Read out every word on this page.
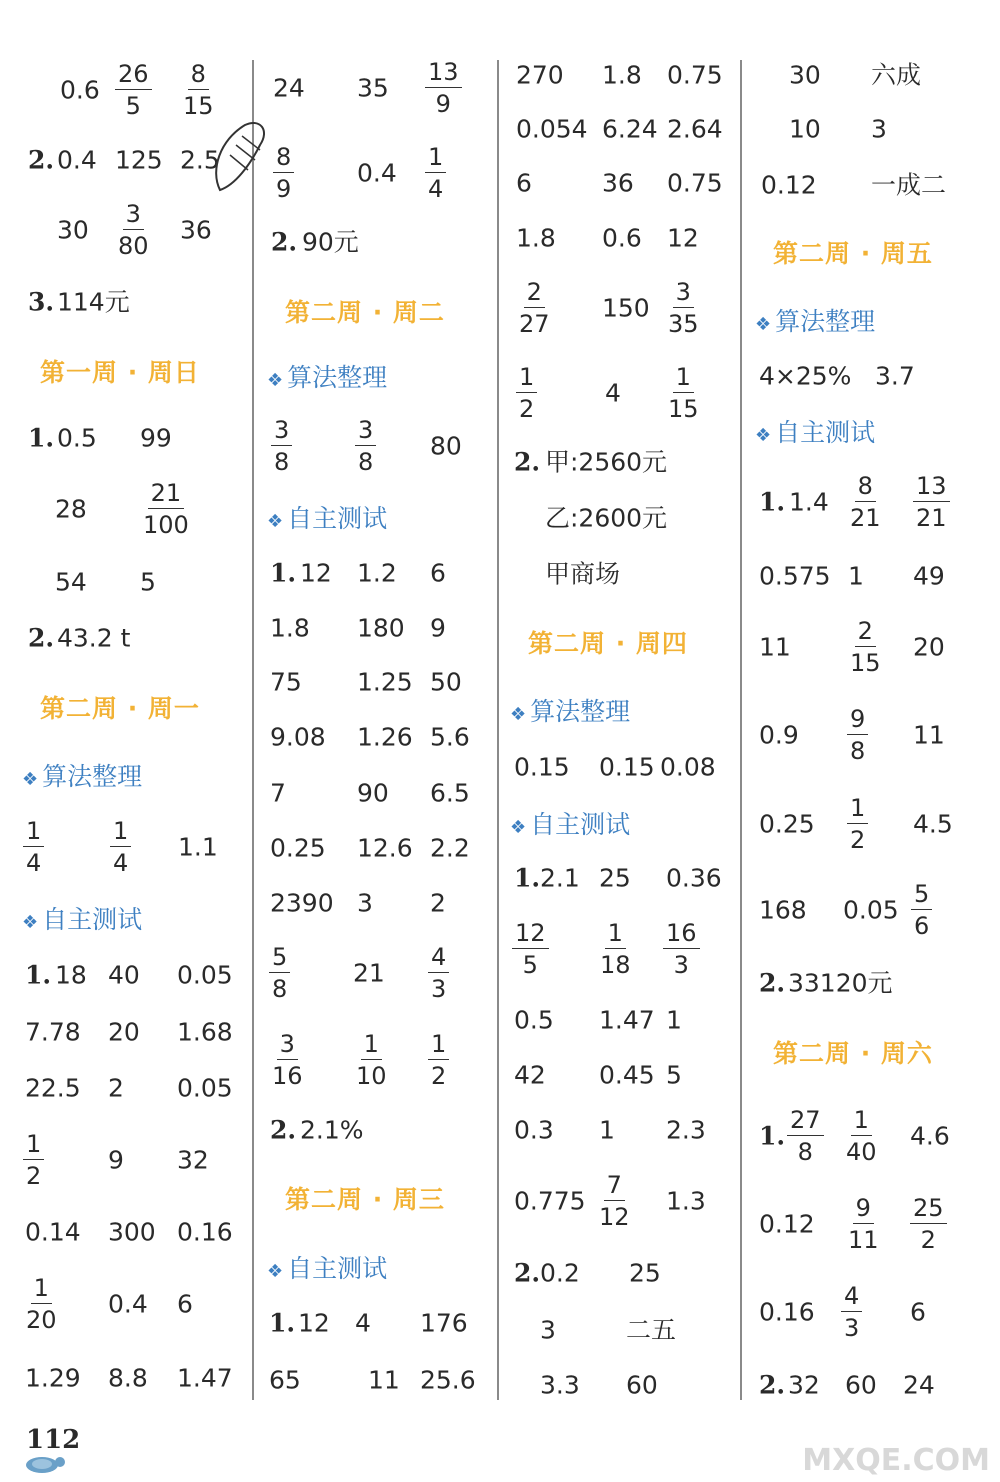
$0.6 \frac{26}{5} \frac{8}{15}$
2. 0.4 125 2.5
$30 \frac{3}{80} 36$
3. 114元
第一周 · 周日
1. 0.5 99
$28 \frac{21}{100}$
54 5
2. 43.2 t
第二周 · 周一
❖ 算法整理
$\frac{1}{4}$	$\frac{1}{4} 1.1$
❖ 自主测试
1. 18 40 0.05
7.78 20 1.68
22.5 2 0.05
$\frac{1}{2}$	9 32
0.14 300 0.16
$\frac{1}{20} 0.4$ 6
1.29 8.8 1.47
24 $35 \frac{13}{9}$
$\frac{8}{9}$	$0.4 \frac{1}{4}$
2. 90元
第二周 · 周二
❖ 算法整理
$\frac{3}{8}$	$\frac{3}{8} 80$
❖ 自主测试
1. 12 1.2 6
1.8 180 9
75 1.25 50
9.08 1.26 5.6
7	90 6.5
0.25 12.6 2.2
2390 3 2
$\frac{5}{8}$	$21 \frac{4}{3}$
$\frac{3}{16} \frac{1}{10} \frac{1}{2}$
2. 2.1%
第二周 · 周三
❖ 自主测试
1. 12 4 176
65	11 25.6
270 1.8 0.75
0.054 6.24 2.64
6	36 0.75
1.8 0.6 12
$\frac{2}{27} 150 \frac{3}{35}$
$\frac{1}{2}$	$4 \frac{1}{15}$
2. 甲:2560元
乙:2600元
甲商场
第二周 · 周四
❖ 算法整理
0.15 0.15 0.08
❖ 自主测试
1. 2.1 25 0.36
$\frac{12}{5} \frac{1}{18} \frac{16}{3}$
0.5 1.47 1
42 0.45 5
0.3 1 2.3
$0.775 \frac{7}{12} 1.3$
2. 0.2 25
3	二五
3.3 60
30 六成
10 3
0.12 一成二
第二周 · 周五
❖ 算法整理
4×25% 3.7
❖ 自主测试
1. $1.4 \frac{8}{21} \frac{13}{21}$
0.575 1 49
$11 \frac{2}{15} 20$
$0.9 \frac{9}{8} 11$
$0.25 \frac{1}{2} 4.5$
168 $0.05 \frac{5}{6}$
2. 33120元
第二周 · 周六
1. $\frac{27}{8} \frac{1}{40} 4.6$
$0.12 \frac{9}{11} \frac{25}{2}$
$0.16 \frac{4}{3} 6$
2. 32 60 24
112
MXQE.COM
